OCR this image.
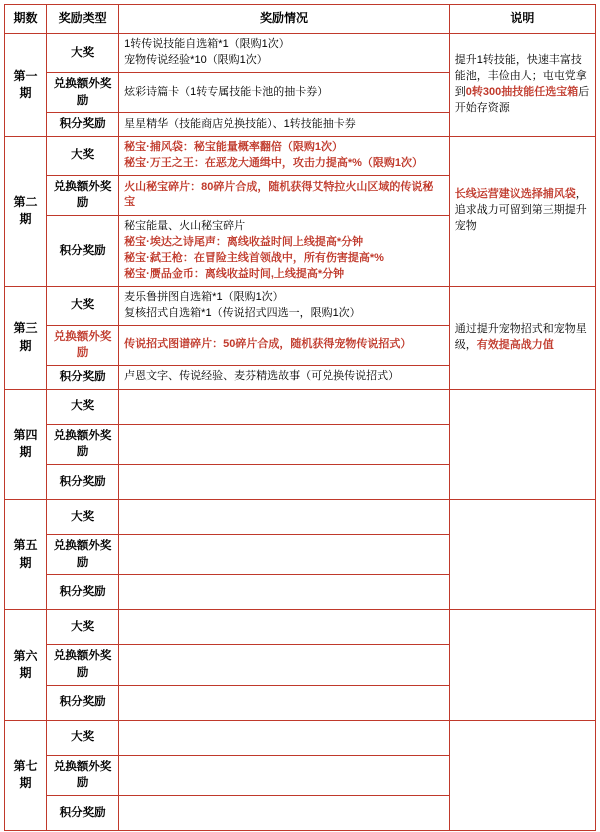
期数	奖励类型	奖励情况	说明
第一期	大奖	1转传说技能自选箱*1（限购1次）
宠物传说经验*10（限购1次）	提升1转技能，快速丰富技能池，丰俭由人；屯屯党拿到0转300抽技能任选宝箱后开始存资源
	兑换额外奖励	炫彩诗篇卡（1转专属技能卡池的抽卡券）	
	积分奖励	星星精华（技能商店兑换技能）、1转技能抽卡券	
第二期	大奖	秘宝·捕风袋：秘宝能量概率翻倍（限购1次）
秘宝·万王之王：在恶龙大通缉中，攻击力提高*%（限购1次）	长线运营建议选择捕风袋，追求战力可留到第三期提升宠物
	兑换额外奖励	火山秘宝碎片：80碎片合成，随机获得艾特拉火山区域的传说秘宝	
	积分奖励	秘宝能量、火山秘宝碎片
秘宝·埃达之诗尾声：离线收益时间上线提高*分钟
秘宝·弑王枪：在冒险主线首领战中，所有伤害提高*%
秘宝·赝品金币：离线收益时间,上线提高*分钟	

第三期	大奖	麦乐鲁拼图自选箱*1（限购1次）
复核招式自选箱*1（传说招式四选一，限购1次）	通过提升宠物招式和宠物星级，有效提高战力值
	兑换额外奖励	传说招式图谱碎片：50碎片合成，随机获得宠物传说招式）	
	积分奖励	卢恩文字、传说经验、麦芬精选故事（可兑换传说招式）	
第四期	大奖		
	兑换额外奖励		
	积分奖励		
第五期	大奖		
	兑换额外奖励		
	积分奖励		
第六期	大奖		
	兑换额外奖励		
	积分奖励		
第七期	大奖		
	兑换额外奖励		
	积分奖励		
